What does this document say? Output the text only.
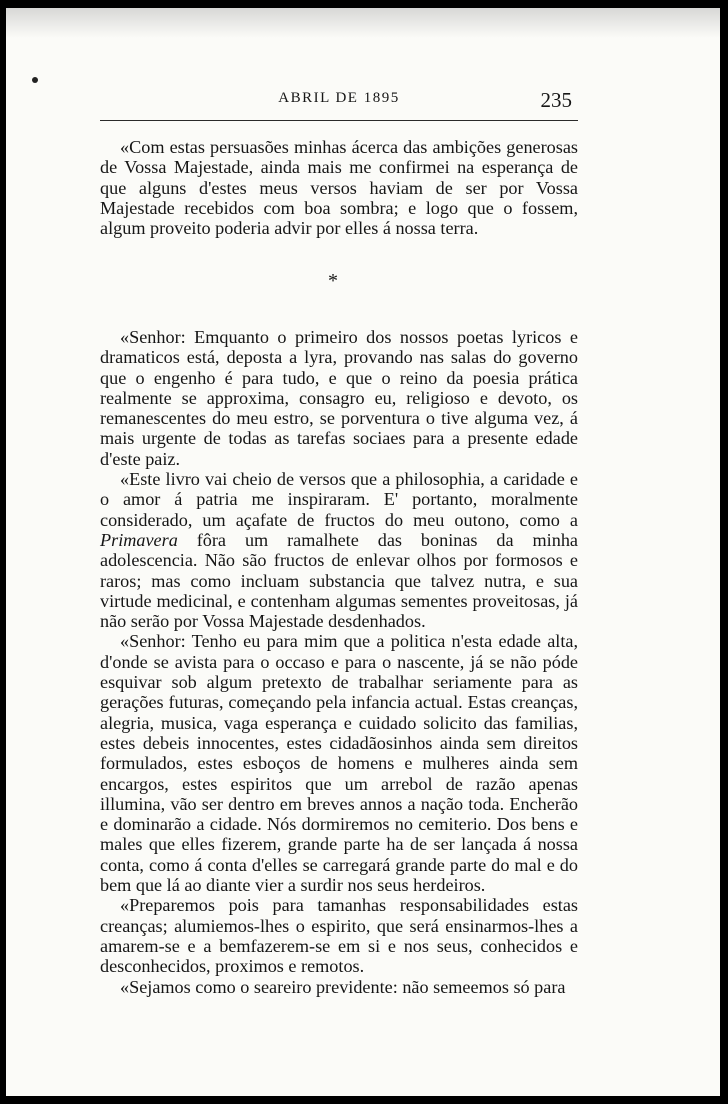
ABRIL DE 1895	235

«Com estas persuasões minhas ácerca das ambições generosas de Vossa Majestade, ainda mais me confirmei na esperança de que alguns d'estes meus versos haviam de ser por Vossa Majestade recebidos com boa sombra; e logo que o fossem, algum proveito poderia advir por elles á nossa terra.

*

«Senhor: Emquanto o primeiro dos nossos poetas lyricos e dramaticos está, deposta a lyra, provando nas salas do governo que o engenho é para tudo, e que o reino da poesia prática realmente se approxima, consagro eu, religioso e devoto, os remanescentes do meu estro, se porventura o tive alguma vez, á mais urgente de todas as tarefas sociaes para a presente edade d'este paiz.

«Este livro vai cheio de versos que a philosophia, a caridade e o amor á patria me inspiraram. E' portanto, moralmente considerado, um açafate de fructos do meu outono, como a Primavera fôra um ramalhete das boninas da minha adolescencia. Não são fructos de enlevar olhos por formosos e raros; mas como incluam substancia que talvez nutra, e sua virtude medicinal, e contenham algumas sementes proveitosas, já não serão por Vossa Majestade desdenhados.

«Senhor: Tenho eu para mim que a politica n'esta edade alta, d'onde se avista para o occaso e para o nascente, já se não póde esquivar sob algum pretexto de trabalhar seriamente para as gerações futuras, começando pela infancia actual. Estas creanças, alegria, musica, vaga esperança e cuidado solicito das familias, estes debeis innocentes, estes cidadãosinhos ainda sem direitos formulados, estes esboços de homens e mulheres ainda sem encargos, estes espiritos que um arrebol de razão apenas illumina, vão ser dentro em breves annos a nação toda. Encherão e dominarão a cidade. Nós dormiremos no cemiterio. Dos bens e males que elles fizerem, grande parte ha de ser lançada á nossa conta, como á conta d'elles se carregará grande parte do mal e do bem que lá ao diante vier a surdir nos seus herdeiros.

«Preparemos pois para tamanhas responsabilidades estas creanças; alumiemos-lhes o espirito, que será ensinarmos-lhes a amarem-se e a bemfazerem-se em si e nos seus, conhecidos e desconhecidos, proximos e remotos.

«Sejamos como o seareiro previdente: não semeemos só para
